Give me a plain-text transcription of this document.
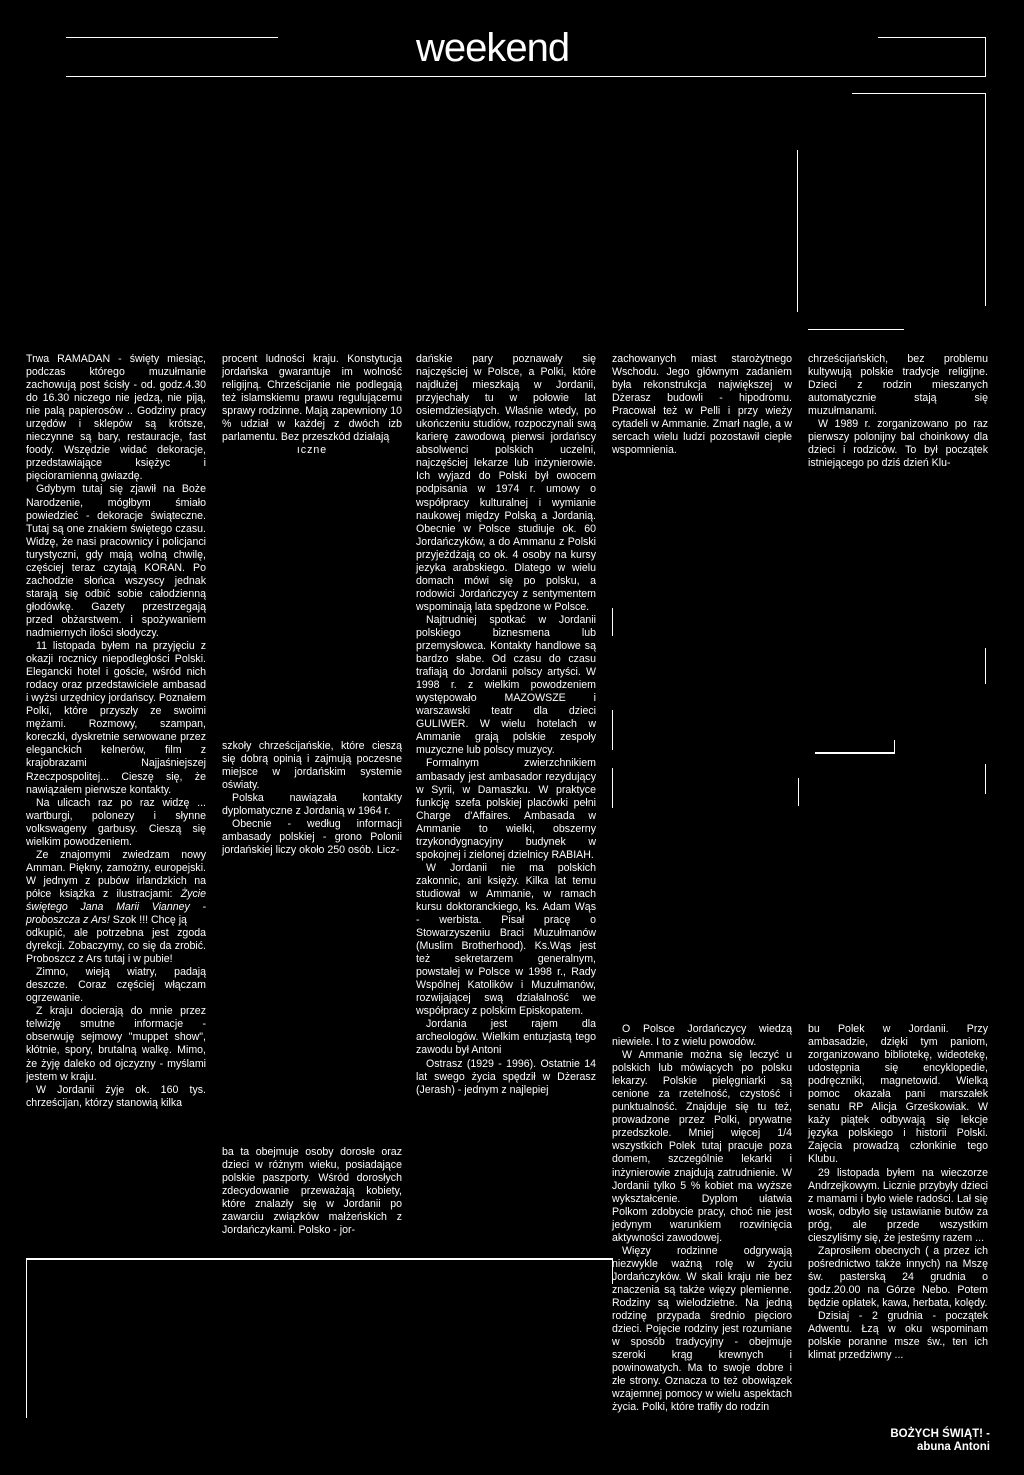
weekend

Trwa RAMADAN - święty miesiąc, podczas którego muzułmanie zachowują post ścisły - od. godz.4.30 do 16.30 niczego nie jedzą, nie piją, nie palą papierosów .. Godziny pracy urzędów i sklepów są krótsze, nieczynne są bary, restauracje, fast foody. Wszędzie widać dekoracje, przedstawiające księżyc i pięcioramienną gwiazdę.

Gdybym tutaj się zjawił na Boże Narodzenie, mógłbym śmiało powiedzieć - dekoracje świąteczne. Tutaj są one znakiem świętego czasu. Widzę, że nasi pracownicy i policjanci turystyczni, gdy mają wolną chwilę, częściej teraz czytają KORAN. Po zachodzie słońca wszyscy jednak starają się odbić sobie całodzienną głodówkę. Gazety przestrzegają przed obżarstwem. i spożywaniem nadmiernych ilości słodyczy.

11 listopada byłem na przyjęciu z okazji rocznicy niepodległości Polski. Elegancki hotel i goście, wśród nich rodacy oraz przedstawiciele ambasad i wyżsi urzędnicy jordańscy. Poznałem Polki, które przyszły ze swoimi mężami. Rozmowy, szampan, koreczki, dyskretnie serwowane przez eleganckich kelnerów, film z krajobrazami Najjaśniejszej Rzeczpospolitej... Cieszę się, że nawiązałem pierwsze kontakty.

Na ulicach raz po raz widzę ... wartburgi, polonezy i słynne volkswageny garbusy. Cieszą się wielkim powodzeniem.

Ze znajomymi zwiedzam nowy Amman. Piękny, zamożny, europejski. W jednym z pubów irlandzkich na półce książka z ilustracjami: Życie świętego Jana Marii Vianney - proboszcza z Ars! Szok !!! Chcę ją

odkupić, ale potrzebna jest zgoda dyrekcji. Zobaczymy, co się da zrobić. Proboszcz z Ars tutaj i w pubie!

Zimno, wieją wiatry, padają deszcze. Coraz częściej włączam ogrzewanie.

Z kraju docierają do mnie przez telwizję smutne informacje - obserwuję sejmowy "muppet show", kłótnie, spory, brutalną walkę. Mimo, że żyję daleko od ojczyzny - myślami jestem w kraju.

W Jordanii żyje ok. 160 tys. chrześcijan, którzy stanowią kilka

procent ludności kraju. Konstytucja jordańska gwarantuje im wolność religijną. Chrześcijanie nie podlegają też islamskiemu prawu regulującemu sprawy rodzinne. Mają zapewniony 10 % udział w każdej z dwóch izb parlamentu. Bez przeszkód działają

ıczne

szkoły chrześcijańskie, które cieszą się dobrą opinią i zajmują poczesne miejsce w jordańskim systemie oświaty.

Polska nawiązała kontakty dyplomatyczne z Jordanią w 1964 r.

Obecnie - według informacji ambasady polskiej - grono Polonii jordańskiej liczy około 250 osób. Licz-

ba ta obejmuje osoby dorosłe oraz dzieci w różnym wieku, posiadające polskie paszporty. Wśród dorosłych zdecydowanie przeważają kobiety, które znalazły się w Jordanii po zawarciu związków małżeńskich z Jordańczykami. Polsko - jor-

dańskie pary poznawały się najczęściej w Polsce, a Polki, które najdłużej mieszkają w Jordanii, przyjechały tu w połowie lat osiemdziesiątych. Właśnie wtedy, po ukończeniu studiów, rozpoczynali swą karierę zawodową pierwsi jordańscy absolwenci polskich uczelni, najczęściej lekarze lub inżynierowie. Ich wyjazd do Polski był owocem podpisania w 1974 r. umowy o współpracy kulturalnej i wymianie naukowej między Polską a Jordanią. Obecnie w Polsce studiuje ok. 60 Jordańczyków, a do Ammanu z Polski przyjeżdżają co ok. 4 osoby na kursy jezyka arabskiego. Dlatego w wielu domach mówi się po polsku, a rodowici Jordańczycy z sentymentem wspominają lata spędzone w Polsce.

Najtrudniej spotkać w Jordanii polskiego biznesmena lub przemysłowca. Kontakty handlowe są bardzo słabe. Od czasu do czasu trafiają do Jordanii polscy artyści. W 1998 r. z wielkim powodzeniem występowało MAZOWSZE i warszawski teatr dla dzieci GULIWER. W wielu hotelach w Ammanie grają polskie zespoły muzyczne lub polscy muzycy.

Formalnym zwierzchnikiem ambasady jest ambasador rezydujący w Syrii, w Damaszku. W praktyce funkcję szefa polskiej placówki pełni Charge d'Affaires. Ambasada w Ammanie to wielki, obszerny trzykondygnacyjny budynek w spokojnej i zielonej dzielnicy RABIAH.

W Jordanii nie ma polskich zakonnic, ani księży. Kilka lat temu studiował w Ammanie, w ramach kursu doktoranckiego, ks. Adam Wąs - werbista. Pisał pracę o Stowarzyszeniu Braci Muzułmanów (Muslim Brotherhood). Ks.Wąs jest też sekretarzem generalnym, powstałej w Polsce w 1998 r., Rady Wspólnej Katolików i Muzułmanów, rozwijającej swą działalność we współpracy z polskim Episkopatem.

Jordania jest rajem dla archeologów. Wielkim entuzjastą tego zawodu był Antoni

Ostrasz (1929 - 1996). Ostatnie 14 lat swego życia spędził w Dżerasz (Jerash) - jednym z najlepiej

zachowanych miast starożytnego Wschodu. Jego głównym zadaniem była rekonstrukcja największej w Dżerasz budowli - hipodromu. Pracował też w Pelli i przy wieży cytadeli w Ammanie. Zmarł nagle, a w sercach wielu ludzi pozostawił ciepłe wspomnienia.

O Polsce Jordańczycy wiedzą niewiele. I to z wielu powodów.

W Ammanie można się leczyć u polskich lub mówiących po polsku lekarzy. Polskie pielęgniarki są cenione za rzetelność, czystość i punktualność. Znajduje się tu też, prowadzone przez Polki, prywatne przedszkole. Mniej więcej 1/4 wszystkich Polek tutaj pracuje poza domem, szczególnie lekarki i inżynierowie znajdują zatrudnienie. W Jordanii tylko 5 % kobiet ma wyższe wykształcenie. Dyplom ułatwia Polkom zdobycie pracy, choć nie jest jedynym warunkiem rozwinięcia aktywności zawodowej.

Więzy rodzinne odgrywają niezwykle ważną rolę w życiu Jordańczyków. W skali kraju nie bez znaczenia są także więzy plemienne. Rodziny są wielodzietne. Na jedną rodzinę przypada średnio pięcioro dzieci. Pojęcie rodziny jest rozumiane w sposób tradycyjny - obejmuje szeroki krąg krewnych i powinowatych. Ma to swoje dobre i złe strony. Oznacza to też obowiązek wzajemnej pomocy w wielu aspektach życia. Polki, które trafiły do rodzin

chrześcijańskich, bez problemu kultywują polskie tradycje religijne. Dzieci z rodzin mieszanych automatycznie stają się muzułmanami.

W 1989 r. zorganizowano po raz pierwszy polonijny bal choinkowy dla dzieci i rodziców. To był początek istniejącego po dziś dzień Klu-

bu Polek w Jordanii. Przy ambasadzie, dzięki tym paniom, zorganizowano bibliotekę, wideotekę, udostępnia się encyklopedie, podręczniki, magnetowid. Wielką pomoc okazała pani marszałek senatu RP Alicja Grześkowiak. W każy piątek odbywają się lekcje języka polskiego i historii Polski. Zajęcia prowadzą członkinie tego Klubu.

29 listopada byłem na wieczorze Andrzejkowym. Licznie przybyły dzieci z mamami i było wiele radości. Lał się wosk, odbyło się ustawianie butów za próg, ale przede wszystkim cieszyliśmy się, że jesteśmy razem ...

Zaprosiłem obecnych ( a przez ich pośrednictwo także innych) na Mszę św. pasterską 24 grudnia o godz.20.00 na Górze Nebo. Potem będzie opłatek, kawa, herbata, kolędy.

Dzisiaj - 2 grudnia - początek Adwentu. Łzą w oku wspominam polskie poranne msze św., ten ich klimat przedziwny ...

BOŻYCH ŚWIĄT! -
abuna Antoni
